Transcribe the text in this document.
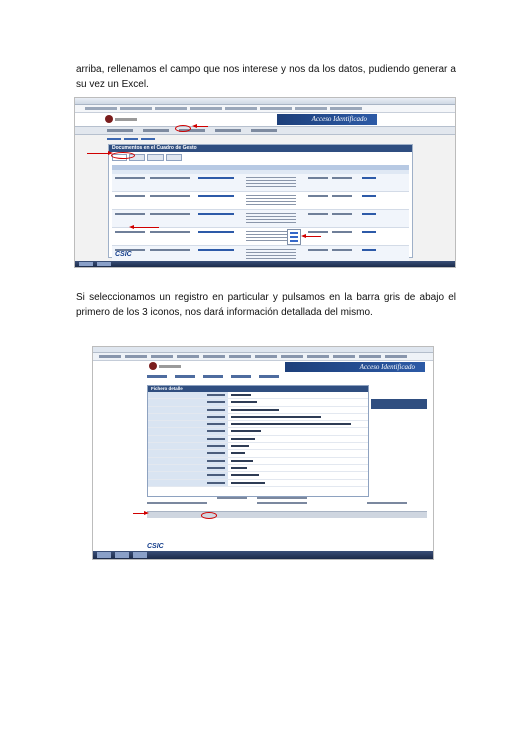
arriba, rellenamos el campo que nos interese y nos da los datos, pudiendo generar a su vez un Excel.

Acceso Identificado
Documentos en el Cuadro de Gesto

CSIC

Si seleccionamos un registro en particular y pulsamos en la barra gris de abajo el primero de los 3 iconos, nos dará información detallada del mismo.

Acceso Identificado
Fichero detalle
CSIC
